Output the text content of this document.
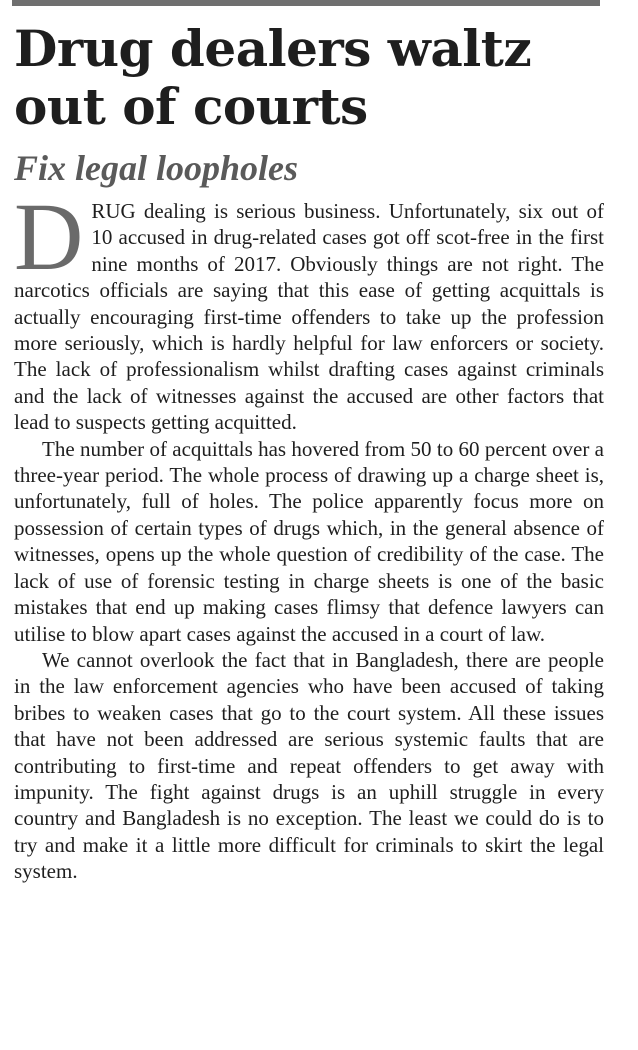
Drug dealers waltz
out of courts
Fix legal loopholes

DRUG dealing is serious business. Unfortunately, six out of 10 accused in drug-related cases got off scot-free in the first nine months of 2017. Obviously things are not right. The narcotics officials are saying that this ease of getting acquittals is actually encouraging first-time offenders to take up the profession more seriously, which is hardly helpful for law enforcers or society. The lack of professionalism whilst drafting cases against criminals and the lack of witnesses against the accused are other factors that lead to suspects getting acquitted.

The number of acquittals has hovered from 50 to 60 percent over a three-year period. The whole process of drawing up a charge sheet is, unfortunately, full of holes. The police apparently focus more on possession of certain types of drugs which, in the general absence of witnesses, opens up the whole question of credibility of the case. The lack of use of forensic testing in charge sheets is one of the basic mistakes that end up making cases flimsy that defence lawyers can utilise to blow apart cases against the accused in a court of law.

We cannot overlook the fact that in Bangladesh, there are people in the law enforcement agencies who have been accused of taking bribes to weaken cases that go to the court system. All these issues that have not been addressed are serious systemic faults that are contributing to first-time and repeat offenders to get away with impunity. The fight against drugs is an uphill struggle in every country and Bangladesh is no exception. The least we could do is to try and make it a little more difficult for criminals to skirt the legal system.
